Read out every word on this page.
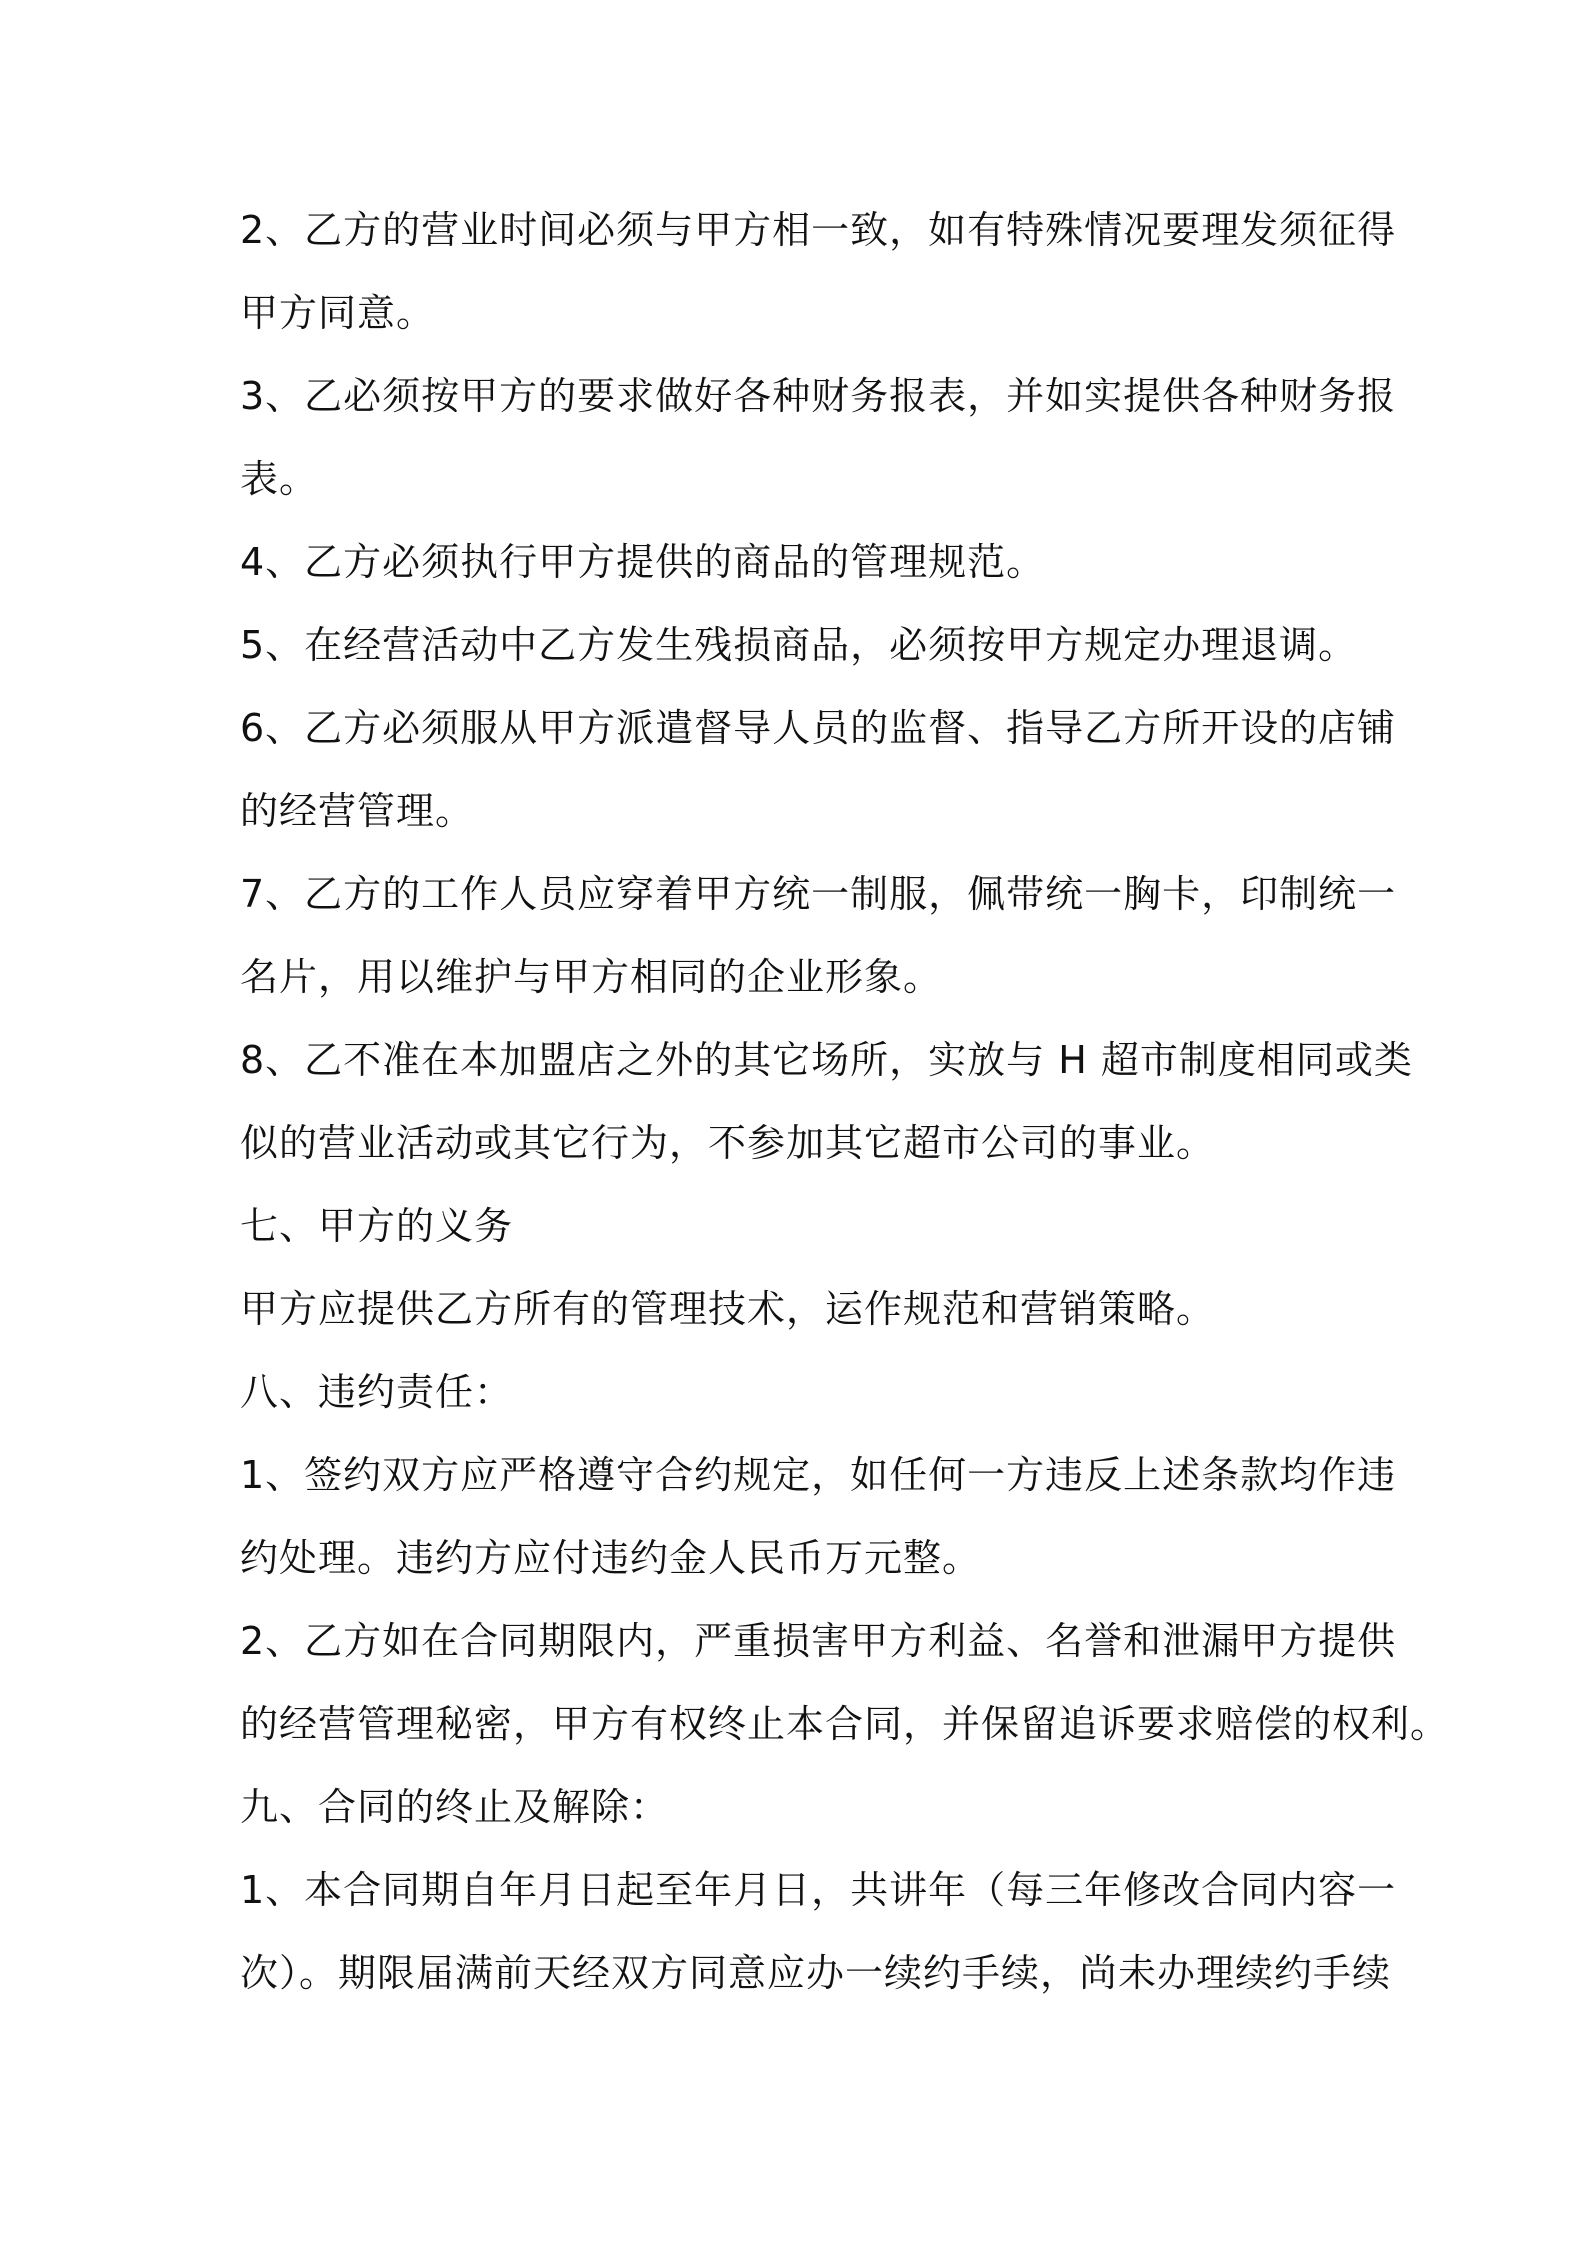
2、乙方的营业时间必须与甲方相一致，如有特殊情况要理发须征得
甲方同意。
3、乙必须按甲方的要求做好各种财务报表，并如实提供各种财务报
表。
4、乙方必须执行甲方提供的商品的管理规范。
5、在经营活动中乙方发生残损商品，必须按甲方规定办理退调。
6、乙方必须服从甲方派遣督导人员的监督、指导乙方所开设的店铺
的经营管理。
7、乙方的工作人员应穿着甲方统一制服，佩带统一胸卡，印制统一
名片，用以维护与甲方相同的企业形象。
8、乙不准在本加盟店之外的其它场所，实放与 H 超市制度相同或类
似的营业活动或其它行为，不参加其它超市公司的事业。
七、甲方的义务
甲方应提供乙方所有的管理技术，运作规范和营销策略。
八、违约责任：
1、签约双方应严格遵守合约规定，如任何一方违反上述条款均作违
约处理。违约方应付违约金人民币万元整。
2、乙方如在合同期限内，严重损害甲方利益、名誉和泄漏甲方提供
的经营管理秘密，甲方有权终止本合同，并保留追诉要求赔偿的权利。
九、合同的终止及解除：
1、本合同期自年月日起至年月日，共讲年（每三年修改合同内容一
次）。期限届满前天经双方同意应办一续约手续，尚未办理续约手续
